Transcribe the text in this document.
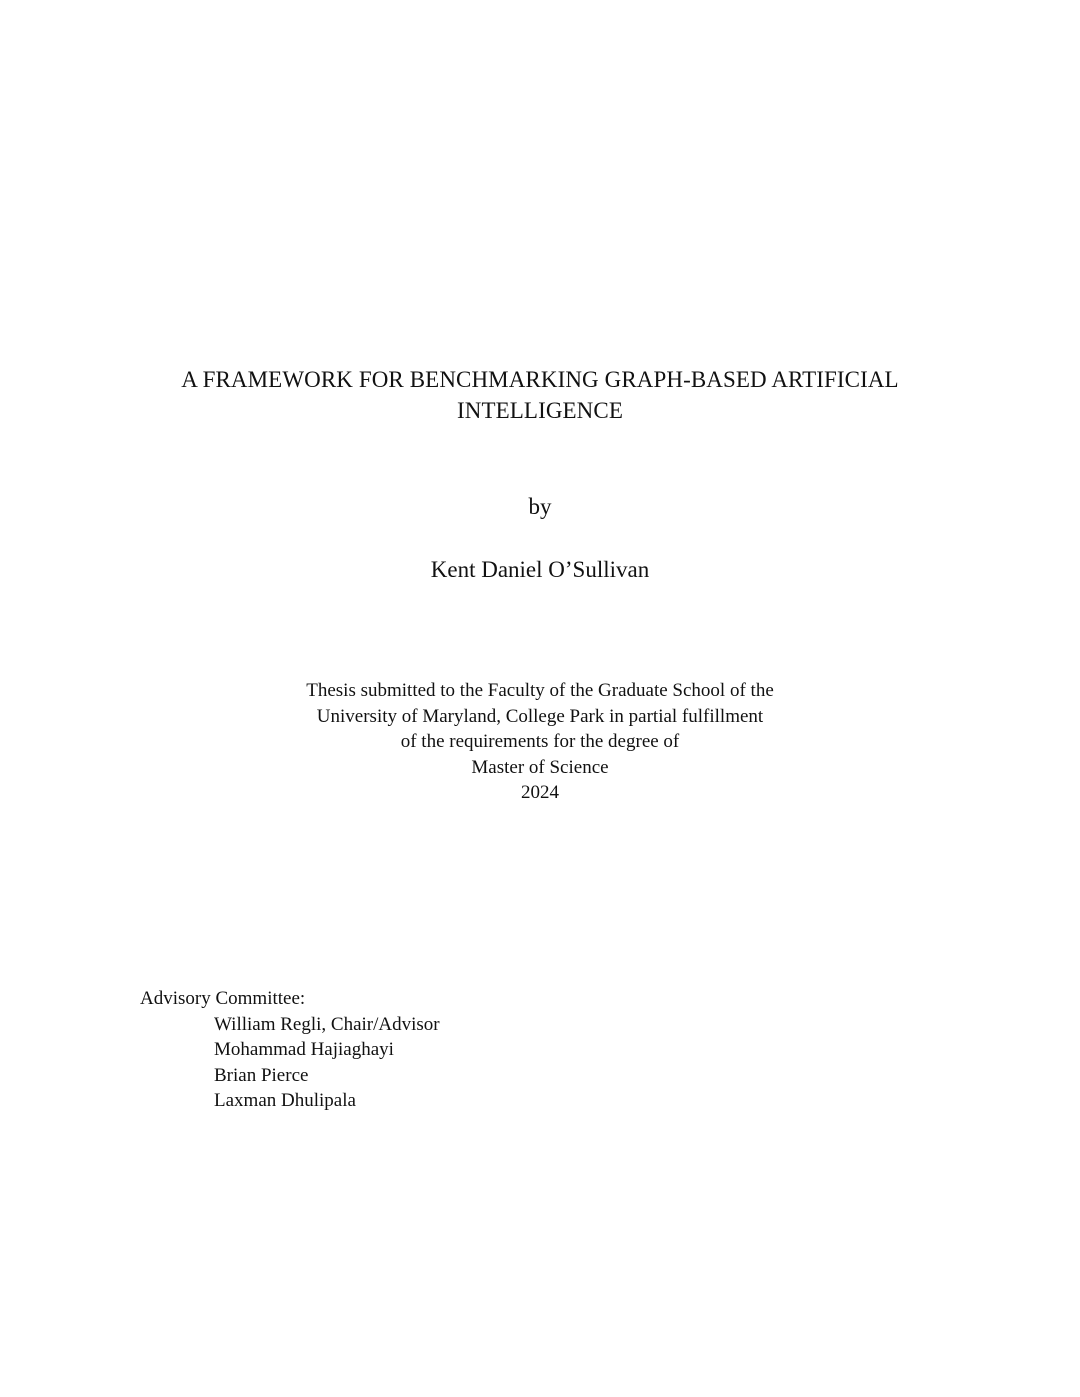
A FRAMEWORK FOR BENCHMARKING GRAPH-BASED ARTIFICIAL
INTELLIGENCE
by
Kent Daniel O’Sullivan
Thesis submitted to the Faculty of the Graduate School of the
University of Maryland, College Park in partial fulfillment
of the requirements for the degree of
Master of Science
2024
Advisory Committee:
William Regli, Chair/Advisor
Mohammad Hajiaghayi
Brian Pierce
Laxman Dhulipala
